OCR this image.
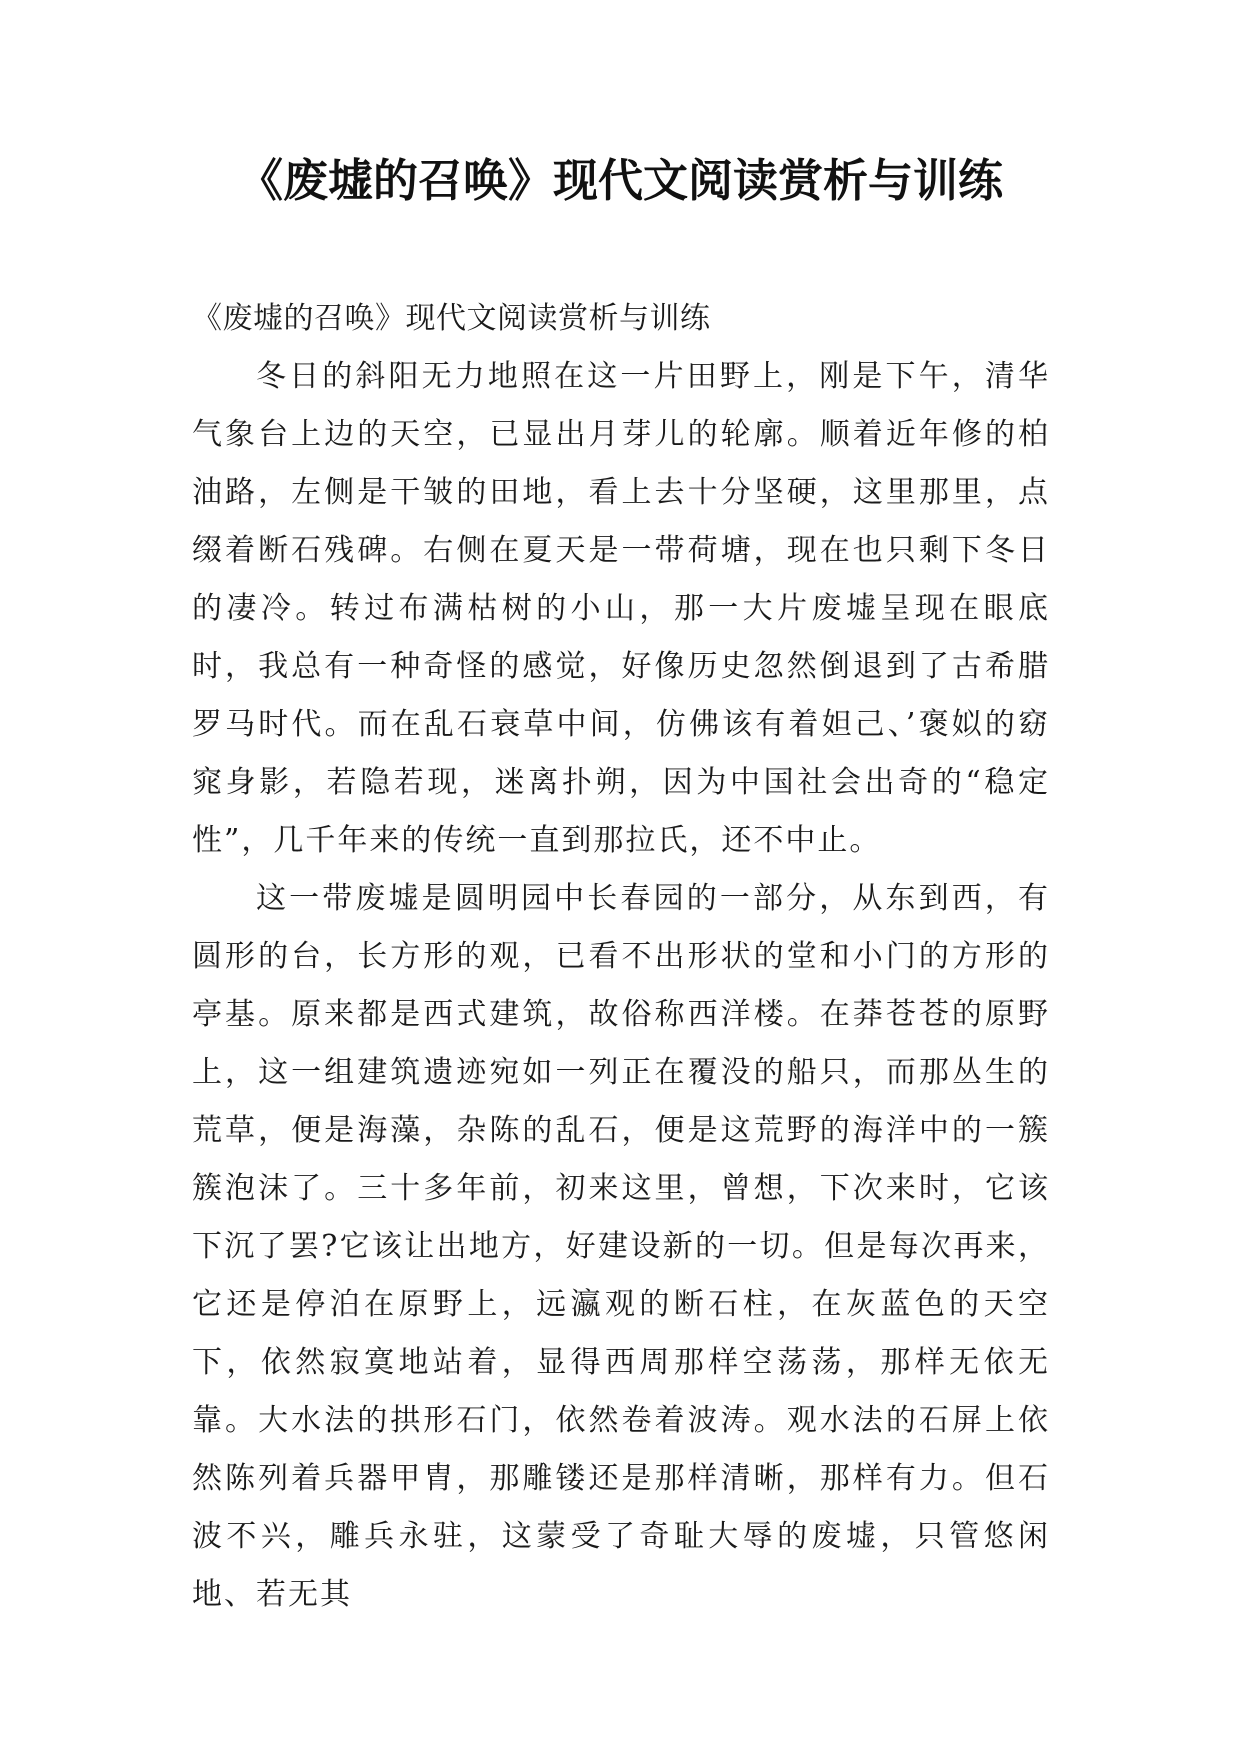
《废墟的召唤》现代文阅读赏析与训练

《废墟的召唤》现代文阅读赏析与训练

冬日的斜阳无力地照在这一片田野上，刚是下午，清华气象台上边的天空，已显出月芽儿的轮廓。顺着近年修的柏油路，左侧是干皱的田地，看上去十分坚硬，这里那里，点缀着断石残碑。右侧在夏天是一带荷塘，现在也只剩下冬日的凄冷。转过布满枯树的小山，那一大片废墟呈现在眼底时，我总有一种奇怪的感觉，好像历史忽然倒退到了古希腊罗马时代。而在乱石衰草中间，仿佛该有着妲己、’褒姒的窈窕身影，若隐若现，迷离扑朔，因为中国社会出奇的“稳定性”，几千年来的传统一直到那拉氏，还不中止。

这一带废墟是圆明园中长春园的一部分，从东到西，有圆形的台，长方形的观，已看不出形状的堂和小门的方形的亭基。原来都是西式建筑，故俗称西洋楼。在莽苍苍的原野上，这一组建筑遗迹宛如一列正在覆没的船只，而那丛生的荒草，便是海藻，杂陈的乱石，便是这荒野的海洋中的一簇簇泡沫了。三十多年前，初来这里，曾想，下次来时，它该下沉了罢?它该让出地方，好建设新的一切。但是每次再来，它还是停泊在原野上，远瀛观的断石柱，在灰蓝色的天空下，依然寂寞地站着，显得西周那样空荡荡，那样无依无靠。大水法的拱形石门，依然卷着波涛。观水法的石屏上依然陈列着兵器甲胄，那雕镂还是那样清晰，那样有力。但石波不兴，雕兵永驻，这蒙受了奇耻大辱的废墟，只管悠闲地、若无其
